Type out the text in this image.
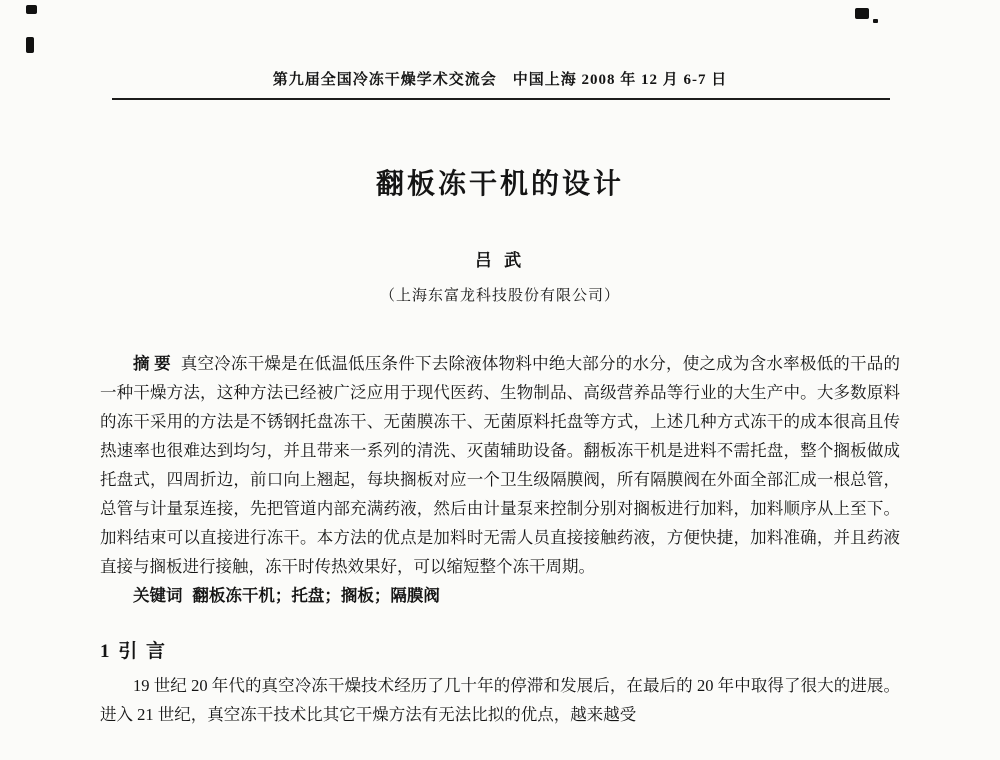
第九届全国冷冻干燥学术交流会　中国上海 2008 年 12 月 6-7 日
翻板冻干机的设计
吕 武
（上海东富龙科技股份有限公司）
摘 要 真空冷冻干燥是在低温低压条件下去除液体物料中绝大部分的水分，使之成为含水率极低的干品的一种干燥方法，这种方法已经被广泛应用于现代医药、生物制品、高级营养品等行业的大生产中。大多数原料的冻干采用的方法是不锈钢托盘冻干、无菌膜冻干、无菌原料托盘等方式，上述几种方式冻干的成本很高且传热速率也很难达到均匀，并且带来一系列的清洗、灭菌辅助设备。翻板冻干机是进料不需托盘，整个搁板做成托盘式，四周折边，前口向上翘起，每块搁板对应一个卫生级隔膜阀，所有隔膜阀在外面全部汇成一根总管，总管与计量泵连接，先把管道内部充满药液，然后由计量泵来控制分别对搁板进行加料，加料顺序从上至下。加料结束可以直接进行冻干。本方法的优点是加料时无需人员直接接触药液，方便快捷，加料准确，并且药液直接与搁板进行接触，冻干时传热效果好，可以缩短整个冻干周期。
关键词 翻板冻干机；托盘；搁板；隔膜阀
1 引 言
19 世纪 20 年代的真空冷冻干燥技术经历了几十年的停滞和发展后，在最后的 20 年中取得了很大的进展。进入 21 世纪，真空冻干技术比其它干燥方法有无法比拟的优点，越来越受
